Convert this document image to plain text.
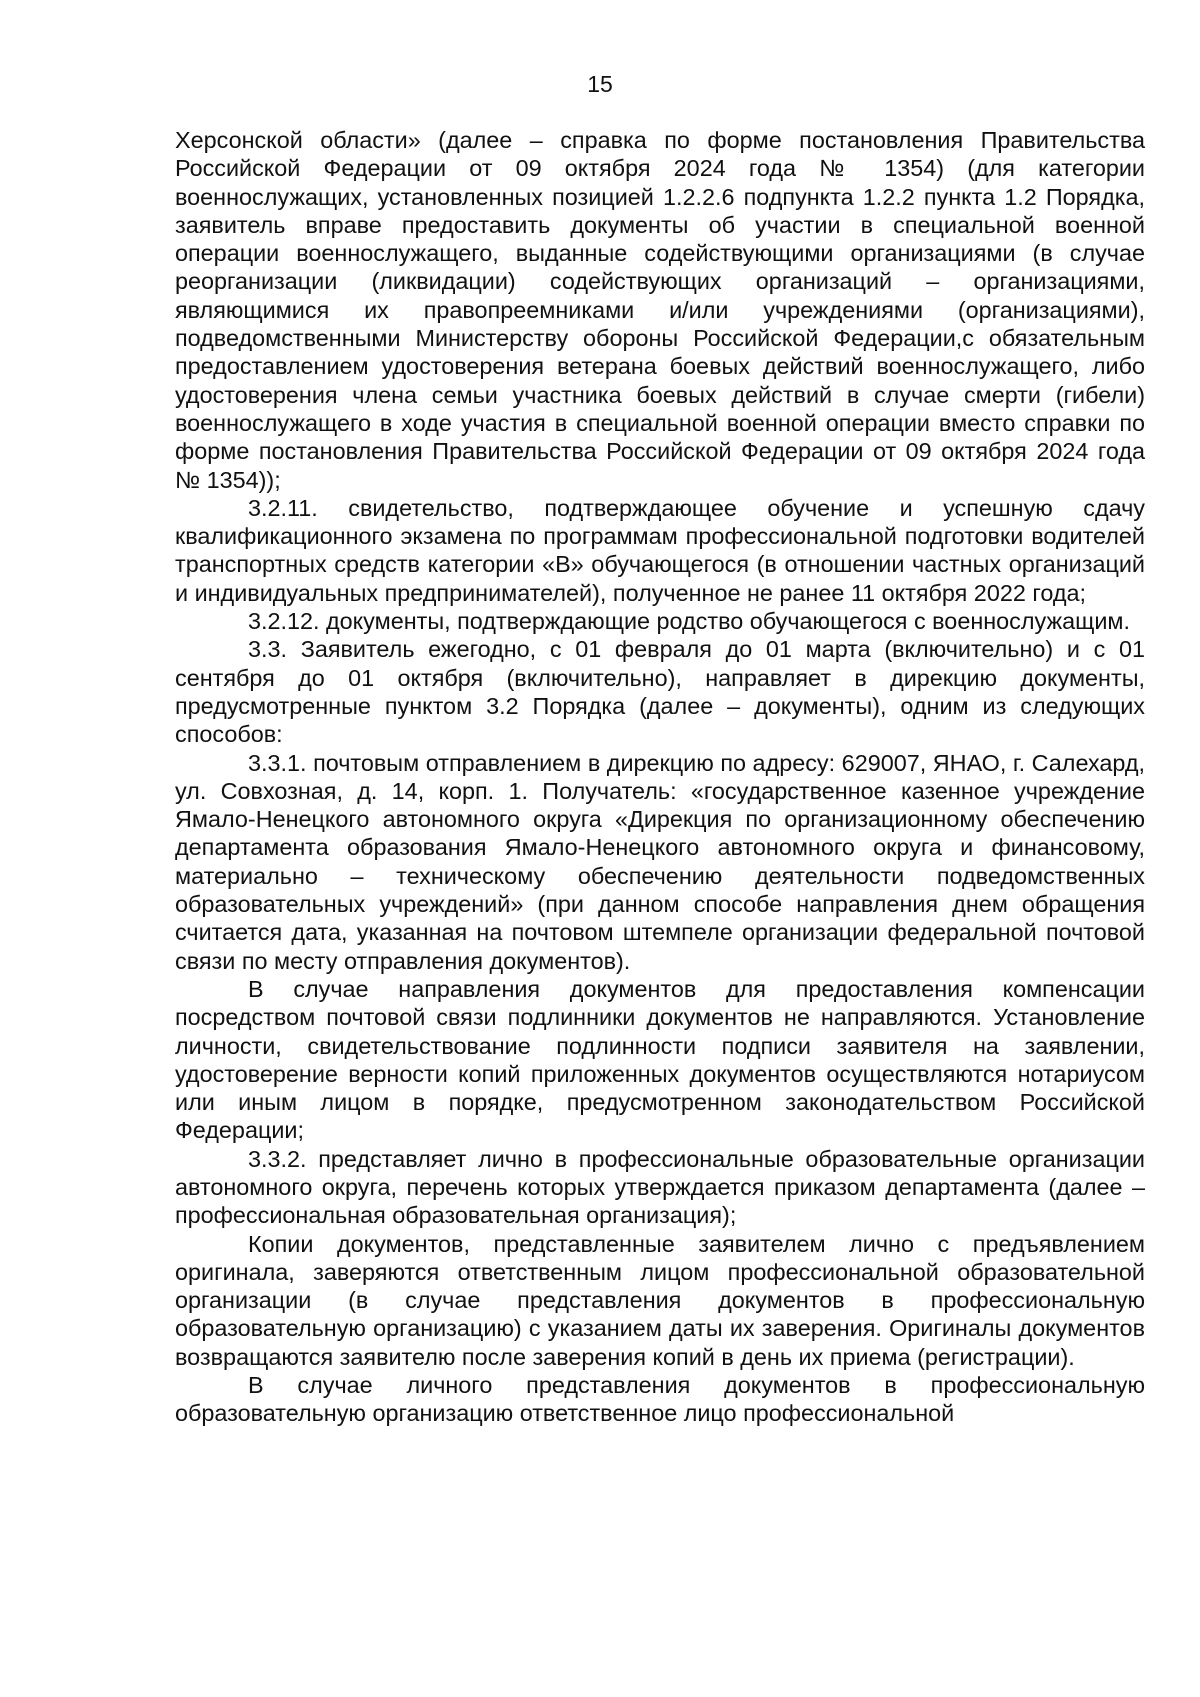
15

Херсонской области» (далее – справка по форме постановления Правительства Российской Федерации от 09 октября 2024 года № 1354) (для категории военнослужащих, установленных позицией 1.2.2.6 подпункта 1.2.2 пункта 1.2 Порядка, заявитель вправе предоставить документы об участии в специальной военной операции военнослужащего, выданные содействующими организациями (в случае реорганизации (ликвидации) содействующих организаций – организациями, являющимися их правопреемниками и/или учреждениями (организациями), подведомственными Министерству обороны Российской Федерации,с обязательным предоставлением удостоверения ветерана боевых действий военнослужащего, либо удостоверения члена семьи участника боевых действий в случае смерти (гибели) военнослужащего в ходе участия в специальной военной операции вместо справки по форме постановления Правительства Российской Федерации от 09 октября 2024 года № 1354));

3.2.11. свидетельство, подтверждающее обучение и успешную сдачу квалификационного экзамена по программам профессиональной подготовки водителей транспортных средств категории «В» обучающегося (в отношении частных организаций и индивидуальных предпринимателей), полученное не ранее 11 октября 2022 года;

3.2.12. документы, подтверждающие родство обучающегося с военнослужащим.

3.3. Заявитель ежегодно, с 01 февраля до 01 марта (включительно) и с 01 сентября до 01 октября (включительно), направляет в дирекцию документы, предусмотренные пунктом 3.2 Порядка (далее – документы), одним из следующих способов:

3.3.1. почтовым отправлением в дирекцию по адресу: 629007, ЯНАО, г. Салехард, ул. Совхозная, д. 14, корп. 1. Получатель: «государственное казенное учреждение Ямало-Ненецкого автономного округа «Дирекция по организационному обеспечению департамента образования Ямало-Ненецкого автономного округа и финансовому, материально – техническому обеспечению деятельности подведомственных образовательных учреждений» (при данном способе направления днем обращения считается дата, указанная на почтовом штемпеле организации федеральной почтовой связи по месту отправления документов).

В случае направления документов для предоставления компенсации посредством почтовой связи подлинники документов не направляются. Установление личности, свидетельствование подлинности подписи заявителя на заявлении, удостоверение верности копий приложенных документов осуществляются нотариусом или иным лицом в порядке, предусмотренном законодательством Российской Федерации;

3.3.2. представляет лично в профессиональные образовательные организации автономного округа, перечень которых утверждается приказом департамента (далее – профессиональная образовательная организация);

Копии документов, представленные заявителем лично с предъявлением оригинала, заверяются ответственным лицом профессиональной образовательной организации (в случае представления документов в профессиональную образовательную организацию) с указанием даты их заверения. Оригиналы документов возвращаются заявителю после заверения копий в день их приема (регистрации).

В случае личного представления документов в профессиональную образовательную организацию ответственное лицо профессиональной
